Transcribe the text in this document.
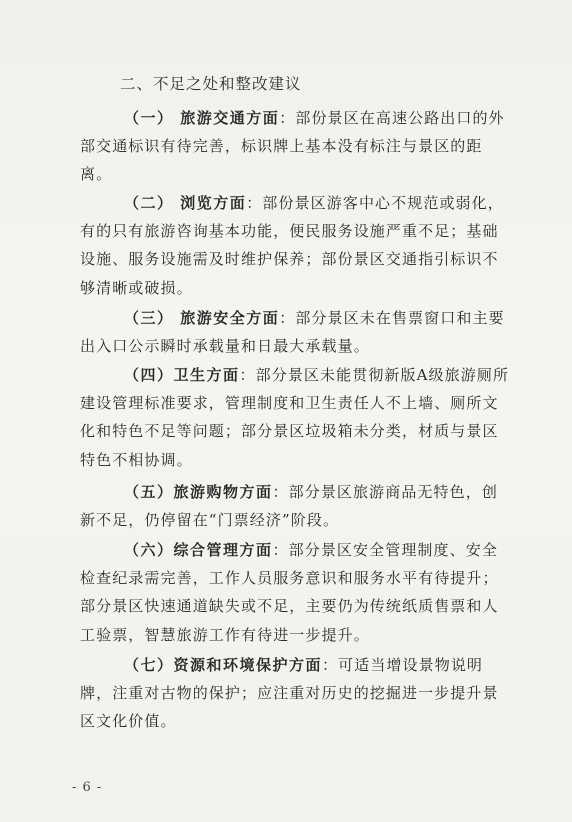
二、不足之处和整改建议

（一） 旅游交通方面：部份景区在高速公路出口的外部交通标识有待完善，标识牌上基本没有标注与景区的距离。

（二） 浏览方面：部份景区游客中心不规范或弱化，有的只有旅游咨询基本功能，便民服务设施严重不足；基础设施、服务设施需及时维护保养；部份景区交通指引标识不够清晰或破损。

（三） 旅游安全方面：部分景区未在售票窗口和主要出入口公示瞬时承载量和日最大承载量。

（四）卫生方面：部分景区未能贯彻新版A级旅游厕所建设管理标准要求，管理制度和卫生责任人不上墙、厕所文化和特色不足等问题；部分景区垃圾箱未分类，材质与景区特色不相协调。

（五）旅游购物方面：部分景区旅游商品无特色，创新不足，仍停留在“门票经济”阶段。

（六）综合管理方面：部分景区安全管理制度、安全检查纪录需完善，工作人员服务意识和服务水平有待提升；部分景区快速通道缺失或不足，主要仍为传统纸质售票和人工验票，智慧旅游工作有待进一步提升。

（七）资源和环境保护方面：可适当增设景物说明牌，注重对古物的保护；应注重对历史的挖掘进一步提升景区文化价值。

- 6 -
